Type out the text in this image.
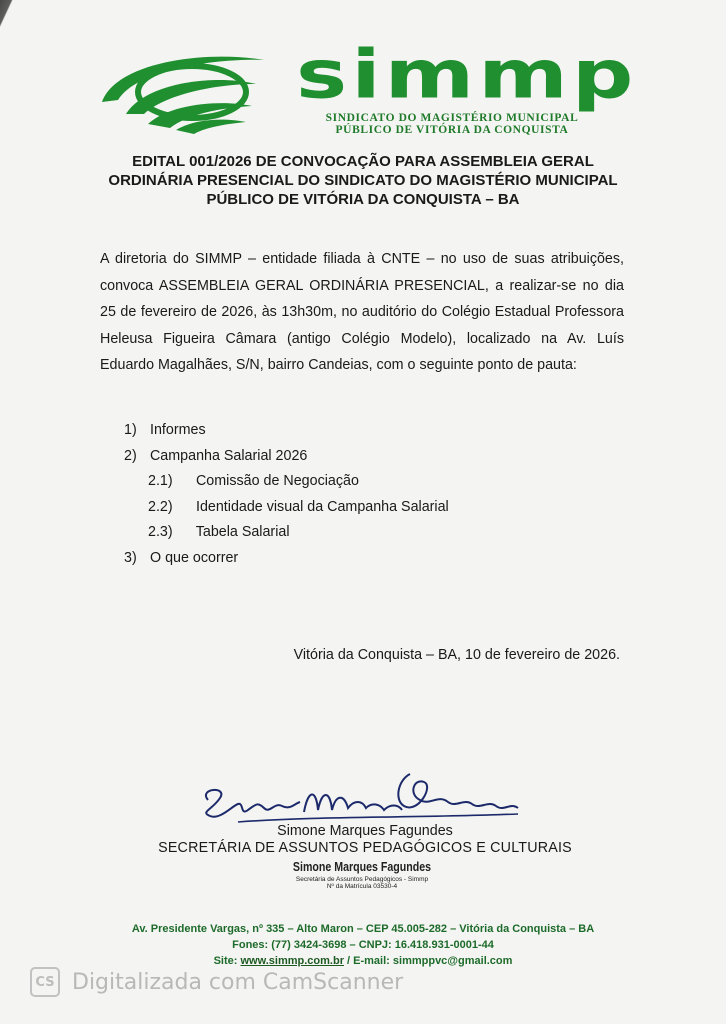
simmp
SINDICATO DO MAGISTÉRIO MUNICIPAL
PÚBLICO DE VITÓRIA DA CONQUISTA
EDITAL 001/2026 DE CONVOCAÇÃO PARA ASSEMBLEIA GERAL
ORDINÁRIA PRESENCIAL DO SINDICATO DO MAGISTÉRIO MUNICIPAL
PÚBLICO DE VITÓRIA DA CONQUISTA – BA
A diretoria do SIMMP – entidade filiada à CNTE – no uso de suas atribuições,
convoca ASSEMBLEIA GERAL ORDINÁRIA PRESENCIAL, a realizar-se no dia
25 de fevereiro de 2026, às 13h30m, no auditório do Colégio Estadual Professora
Heleusa Figueira Câmara (antigo Colégio Modelo), localizado na Av. Luís
Eduardo Magalhães, S/N, bairro Candeias, com o seguinte ponto de pauta:
1) Informes
2) Campanha Salarial 2026
2.1) Comissão de Negociação
2.2) Identidade visual da Campanha Salarial
2.3) Tabela Salarial
3) O que ocorrer
Vitória da Conquista – BA, 10 de fevereiro de 2026.
Simone Marques Fagundes
SECRETÁRIA DE ASSUNTOS PEDAGÓGICOS E CULTURAIS
Simone Marques Fagundes
Secretária de Assuntos Pedagógicos - Simmp
Nº da Matrícula 03530-4
Av. Presidente Vargas, nº 335 – Alto Maron – CEP 45.005-282 – Vitória da Conquista – BA
Fones: (77) 3424-3698 – CNPJ: 16.418.931-0001-44
Site: www.simmp.com.br / E-mail: simmppvc@gmail.com
CS Digitalizada com CamScanner
